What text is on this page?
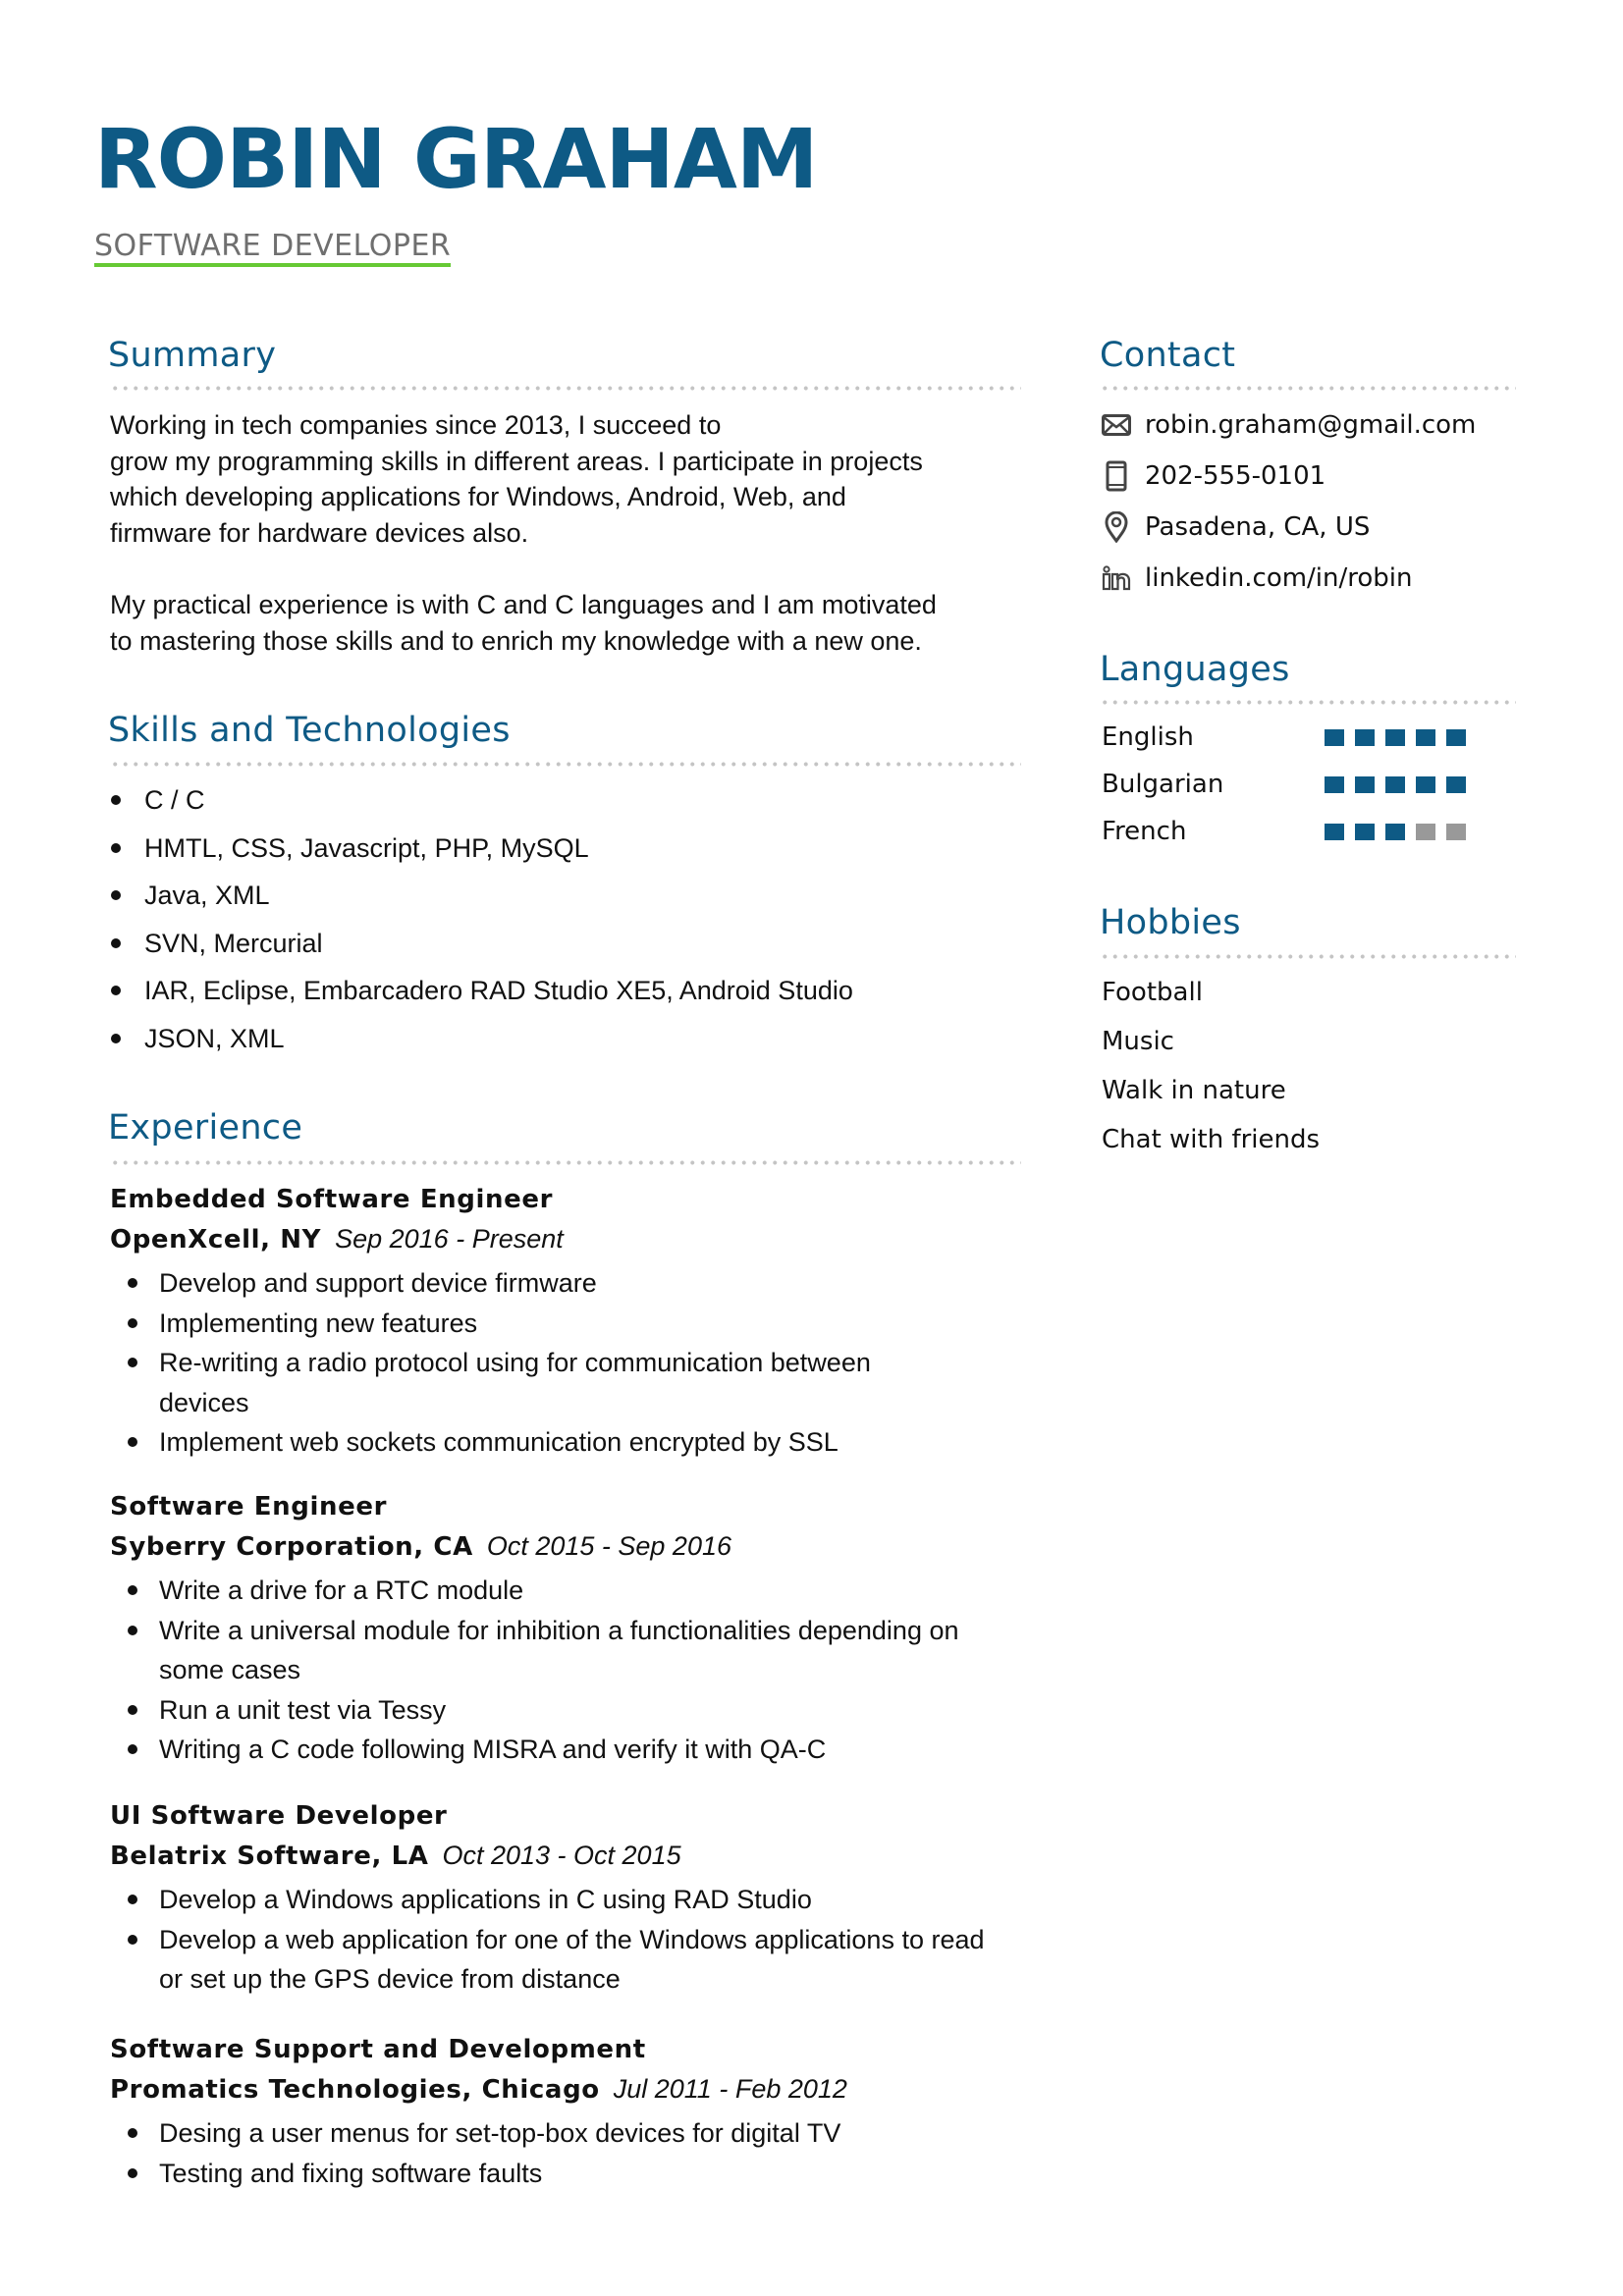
ROBIN GRAHAM
SOFTWARE DEVELOPER
Summary

Working in tech companies since 2013, I succeed to

grow my programming skills in different areas. I participate in projects

which developing applications for Windows, Android, Web, and

firmware for hardware devices also.

My practical experience is with C and C languages and I am motivated

to mastering those skills and to enrich my knowledge with a new one.

Skills and Technologies
C / C
HMTL, CSS, Javascript, PHP, MySQL
Java, XML
SVN, Mercurial
IAR, Eclipse, Embarcadero RAD Studio XE5, Android Studio
JSON, XML
Experience
Embedded Software Engineer
OpenXcell, NY Sep 2016 - Present
Develop and support device firmware
Implementing new features
Re-writing a radio protocol using for communication between devices
Implement web sockets communication encrypted by SSL
Software Engineer
Syberry Corporation, CA Oct 2015 - Sep 2016
Write a drive for a RTC module
Write a universal module for inhibition a functionalities depending on some cases
Run a unit test via Tessy
Writing a C code following MISRA and verify it with QA-C
UI Software Developer
Belatrix Software, LA Oct 2013 - Oct 2015
Develop a Windows applications in C using RAD Studio
Develop a web application for one of the Windows applications to read or set up the GPS device from distance
Software Support and Development
Promatics Technologies, Chicago Jul 2011 - Feb 2012
Desing a user menus for set-top-box devices for digital TV
Testing and fixing software faults
Contact
robin.graham@gmail.com
202-555-0101
Pasadena, CA, US
linkedin.com/in/robin
Languages
English
Bulgarian
French
Hobbies
Football
Music
Walk in nature
Chat with friends
